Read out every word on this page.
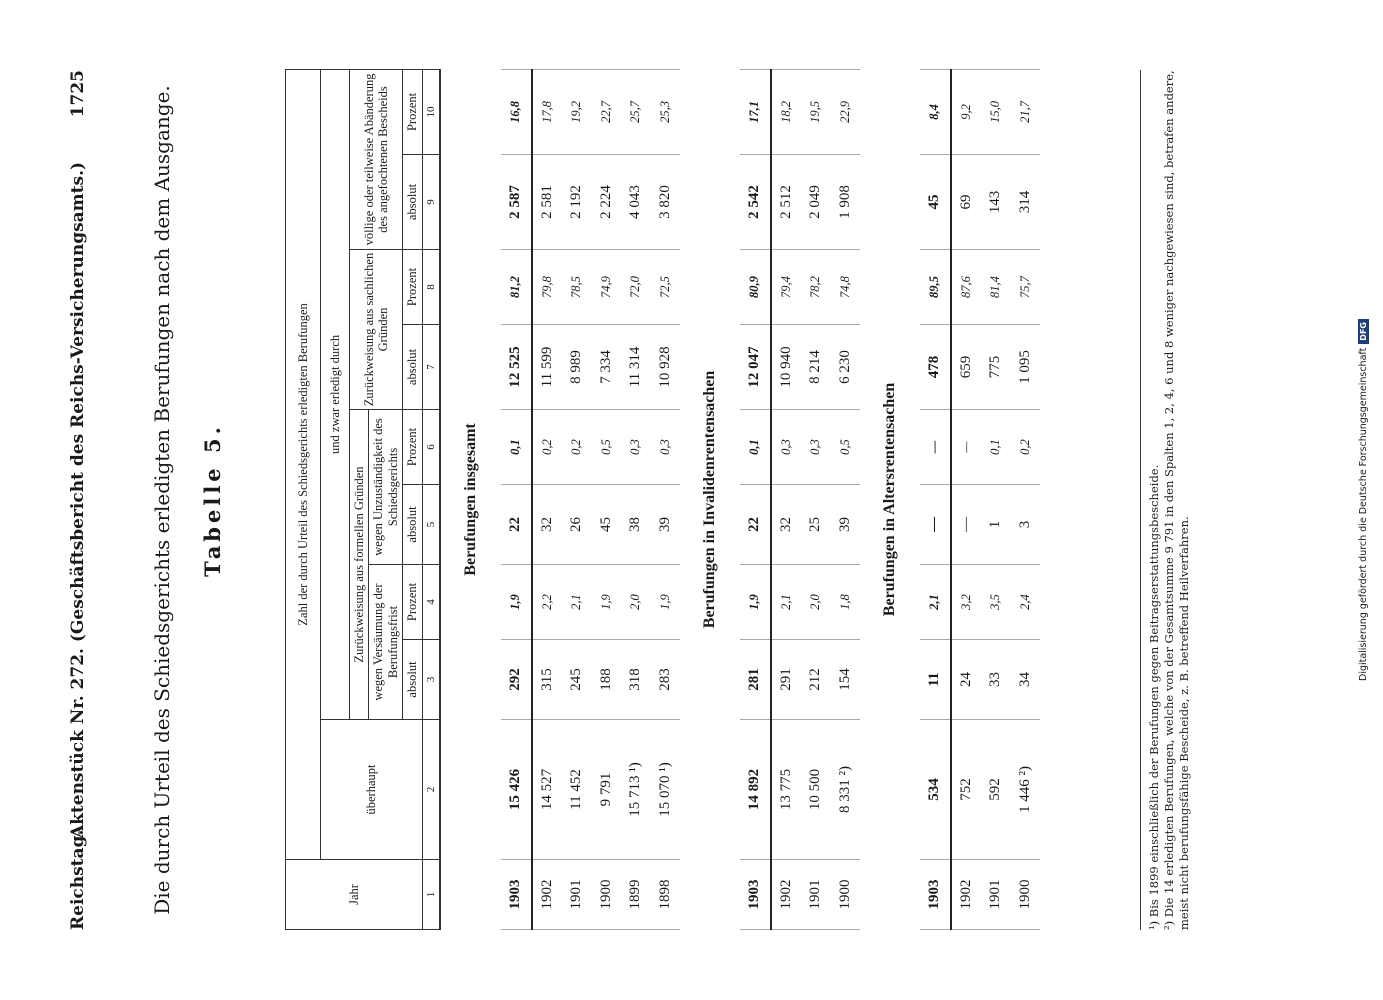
Reichstag.
Aktenstück Nr. 272. (Geschäftsbericht des Reichs-Versicherungsamts.)
1725
Tabelle 5.
Die durch Urteil des Schiedsgerichts erledigten Berufungen nach dem Ausgange.	Jahr	Zahl der durch Urteil des Schiedsgerichts erledigten Berufungen								
	überhaupt	und zwar erledigt durch							

		Zurückweisung aus formellen Gründen wegen Versäumung der Berufungsfrist
wegen Unzuständigkeit des Schiedsgerichts				Zurückweisung aus sachlichen Gründen		völlige oder teilweise Abänderung des angefochtenen Bescheids	
		absolut	Prozent	absolut	Prozent	absolut	Prozent	absolut	Prozent
1	2	3	4	5	6	7	8	9	10
Berufungen insgesamt									
1903	15 426	292	1,9	22	0,1	12 525	81,2	2 587	16,8
1902	14 527	315	2,2	32	0,2	11 599	79,8	2 581	17,8
1901	11 452	245	2,1	26	0,2	8 989	78,5	2 192	19,2
1900	9 791	188	1,9	45	0,5	7 334	74,9	2 224	22,7
1899	15 713 ¹)	318	2,0	38	0,3	11 314	72,0	4 043	25,7
1898	15 070 ¹)	283	1,9	39	0,3	10 928	72,5	3 820	25,3
Berufungen in Invalidenrentensachen									
1903	14 892	281	1,9	22	0,1	12 047	80,9	2 542	17,1
1902	13 775	291	2,1	32	0,3	10 940	79,4	2 512	18,2
1901	10 500	212	2,0	25	0,3	8 214	78,2	2 049	19,5
1900	8 331 ²)	154	1,8	39	0,5	6 230	74,8	1 908	22,9
Berufungen in Altersrentensachen									
1903	534	11	2,1	—	—	478	89,5	45	8,4
1902	752	24	3,2	—	—	659	87,6	69	9,2
1901	592	33	3,5	1	0,1	775	81,4	143	15,0
1900	1 446 ²)	34	2,4	3	0,2	1 095	75,7	314	21,7

¹) Bis 1899 einschließlich der Berufungen gegen Beitragserstattungsbescheide. ²) Die 14 erledigten Berufungen, welche von der Gesamtsumme 9 791 in den Spalten 1, 2, 4, 6 und 8 weniger nachgewiesen sind, betrafen andere, meist nicht berufungsfähige Bescheide, z. B. betreffend Heilverfahren.

Digitalisierung gefördert durch die Deutsche ForschungsgemeinschaftDFG
